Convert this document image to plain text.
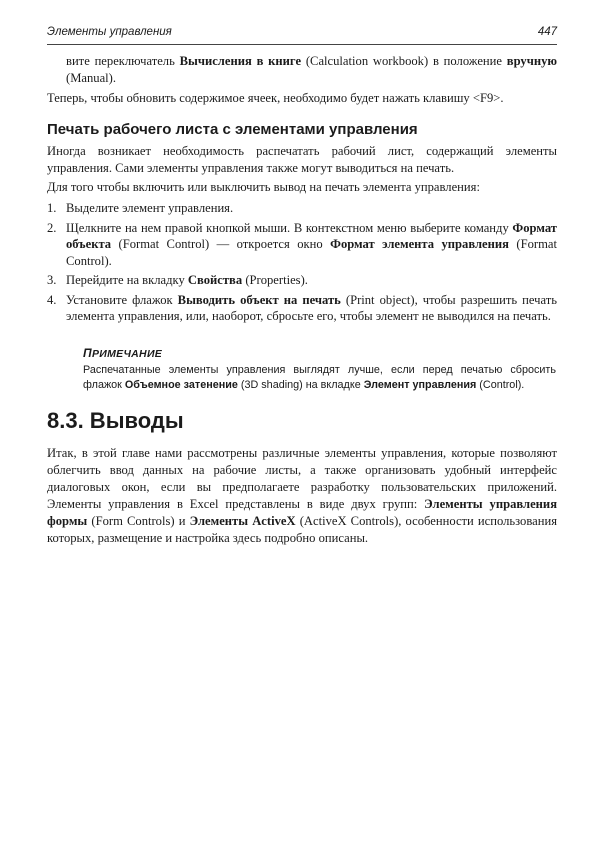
Элементы управления	447

вите переключатель Вычисления в книге (Calculation workbook) в положение вручную (Manual).

Теперь, чтобы обновить содержимое ячеек, необходимо будет нажать клавишу <F9>.

Печать рабочего листа с элементами управления

Иногда возникает необходимость распечатать рабочий лист, содержащий элементы управления. Сами элементы управления также могут выводиться на печать.

Для того чтобы включить или выключить вывод на печать элемента управления:

1. Выделите элемент управления.
2. Щелкните на нем правой кнопкой мыши. В контекстном меню выберите команду Формат объекта (Format Control) — откроется окно Формат элемента управления (Format Control).
3. Перейдите на вкладку Свойства (Properties).
4. Установите флажок Выводить объект на печать (Print object), чтобы разрешить печать элемента управления, или, наоборот, сбросьте его, чтобы элемент не выводился на печать.
ПРИМЕЧАНИЕ

Распечатанные элементы управления выглядят лучше, если перед печатью сбросить флажок Объемное затенение (3D shading) на вкладке Элемент управления (Control).

8.3. Выводы

Итак, в этой главе нами рассмотрены различные элементы управления, которые позволяют облегчить ввод данных на рабочие листы, а также организовать удобный интерфейс диалоговых окон, если вы предполагаете разработку пользовательских приложений. Элементы управления в Excel представлены в виде двух групп: Элементы управления формы (Form Controls) и Элементы ActiveX (ActiveX Controls), особенности использования которых, размещение и настройка здесь подробно описаны.
